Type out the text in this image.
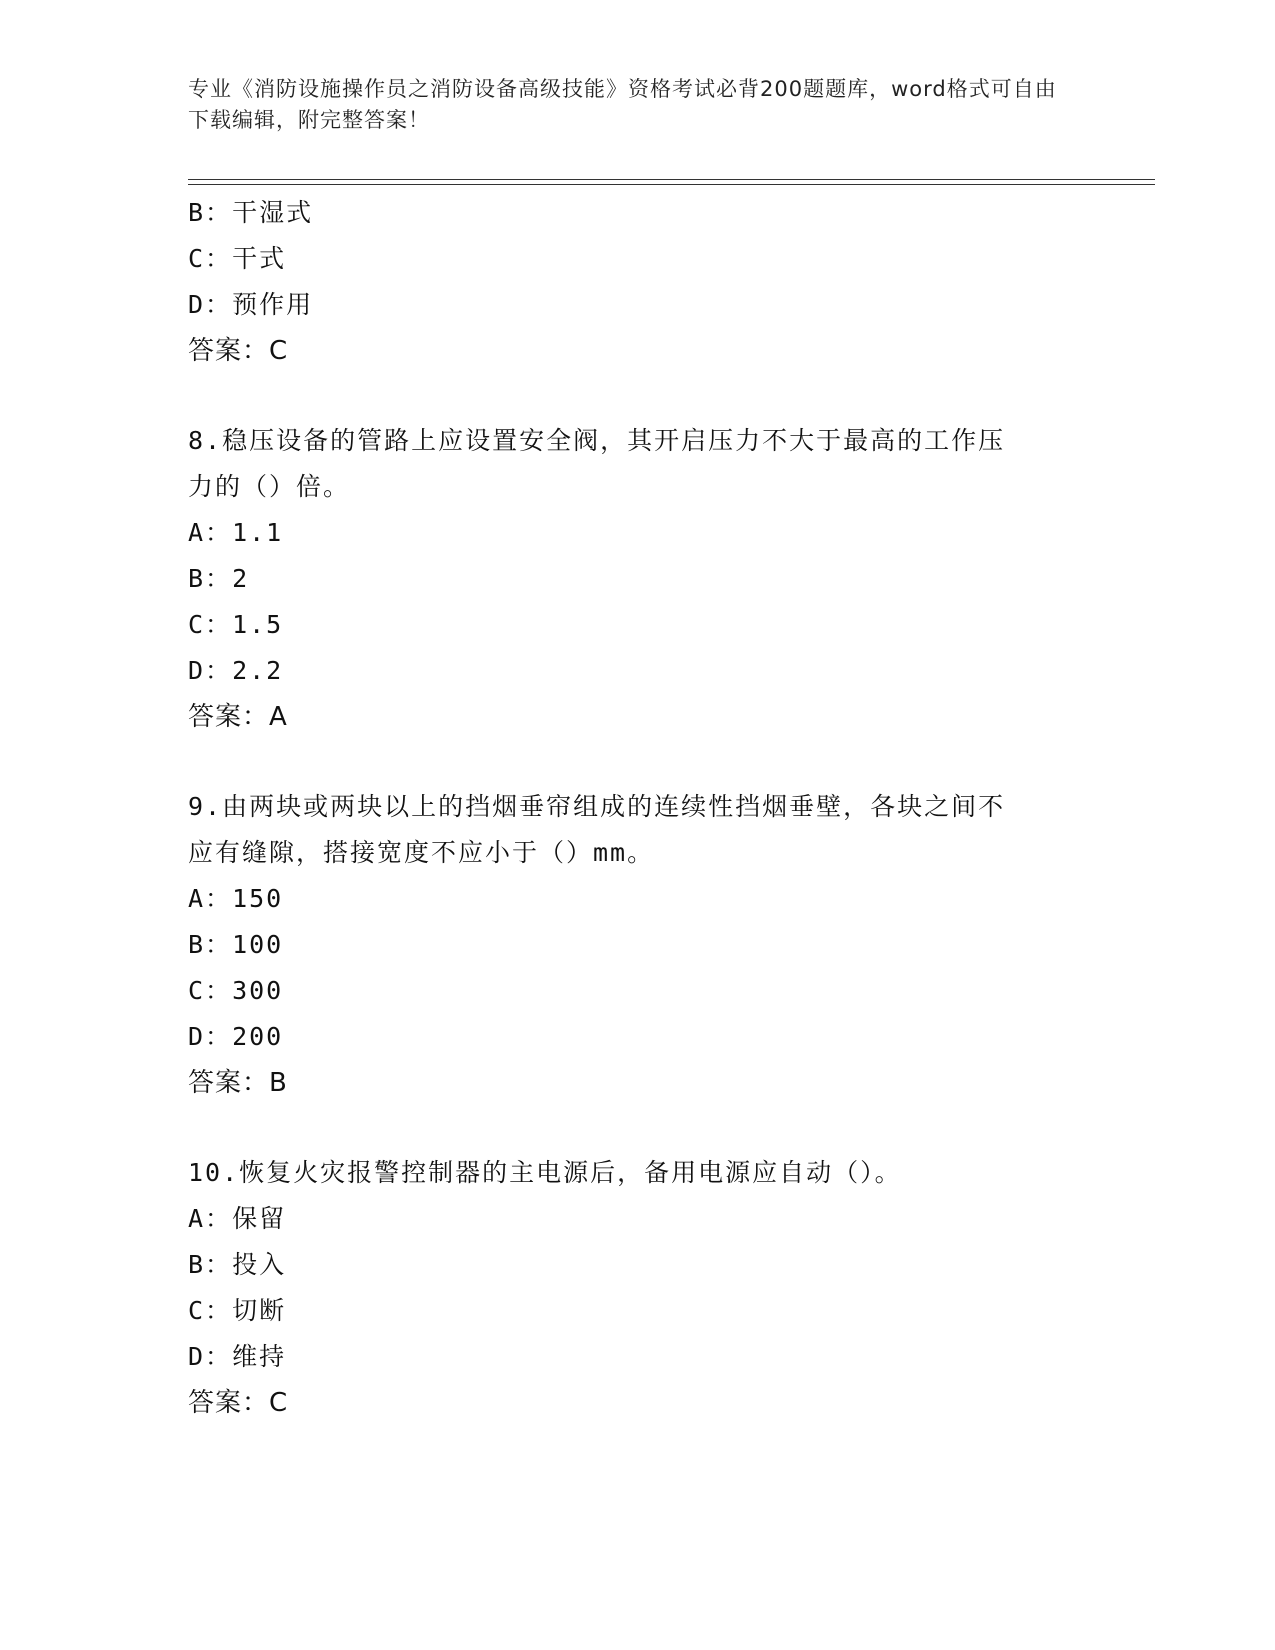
专业《消防设施操作员之消防设备高级技能》资格考试必背200题题库，word格式可自由下载编辑，附完整答案！
B：干湿式
C：干式
D：预作用
答案：C
8.稳压设备的管路上应设置安全阀，其开启压力不大于最高的工作压
力的（）倍。
A：1.1
B：2
C：1.5
D：2.2
答案：A
9.由两块或两块以上的挡烟垂帘组成的连续性挡烟垂壁，各块之间不
应有缝隙，搭接宽度不应小于（）mm。
A：150
B：100
C：300
D：200
答案：B
10.恢复火灾报警控制器的主电源后，备用电源应自动（）。
A：保留
B：投入
C：切断
D：维持
答案：C
